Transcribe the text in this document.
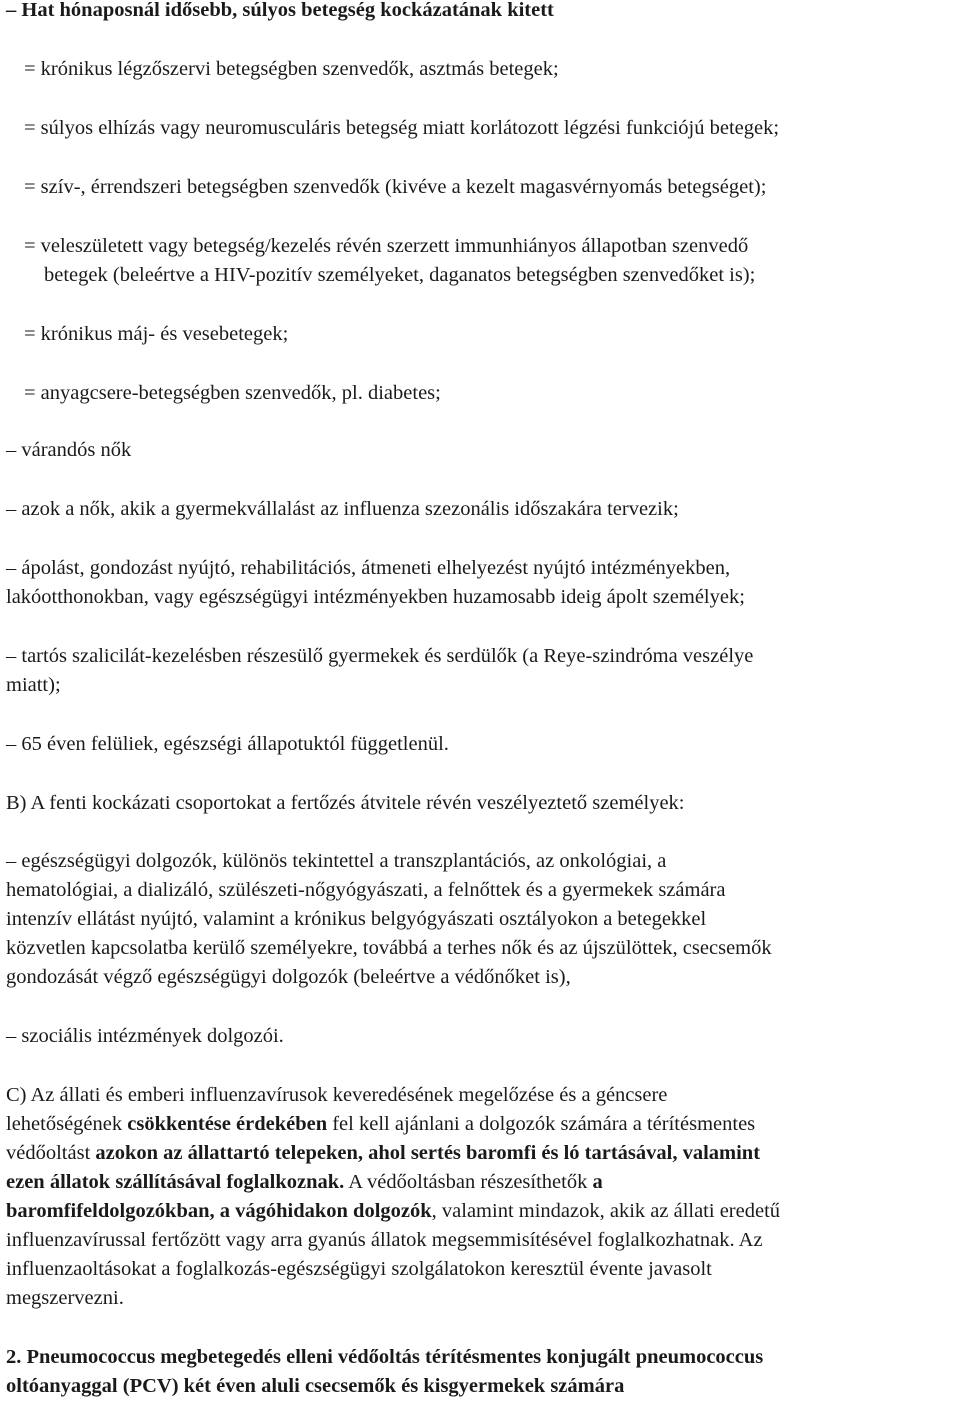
– Hat hónaposnál idősebb, súlyos betegség kockázatának kitett
= krónikus légzőszervi betegségben szenvedők, asztmás betegek;
= súlyos elhízás vagy neuromusculáris betegség miatt korlátozott légzési funkciójú betegek;
= szív-, érrendszeri betegségben szenvedők (kivéve a kezelt magasvérnyomás betegséget);
= veleszületett vagy betegség/kezelés révén szerzett immunhiányos állapotban szenvedő
betegek (beleértve a HIV-pozitív személyeket, daganatos betegségben szenvedőket is);
= krónikus máj- és vesebetegek;
= anyagcsere-betegségben szenvedők, pl. diabetes;
– várandós nők
– azok a nők, akik a gyermekvállalást az influenza szezonális időszakára tervezik;
– ápolást, gondozást nyújtó, rehabilitációs, átmeneti elhelyezést nyújtó intézményekben,
lakóotthonokban, vagy egészségügyi intézményekben huzamosabb ideig ápolt személyek;
– tartós szalicilát-kezelésben részesülő gyermekek és serdülők (a Reye-szindróma veszélye
miatt);
– 65 éven felüliek, egészségi állapotuktól függetlenül.
B) A fenti kockázati csoportokat a fertőzés átvitele révén veszélyeztető személyek:
– egészségügyi dolgozók, különös tekintettel a transzplantációs, az onkológiai, a
hematológiai, a dializáló, szülészeti-nőgyógyászati, a felnőttek és a gyermekek számára
intenzív ellátást nyújtó, valamint a krónikus belgyógyászati osztályokon a betegekkel
közvetlen kapcsolatba kerülő személyekre, továbbá a terhes nők és az újszülöttek, csecsemők
gondozását végző egészségügyi dolgozók (beleértve a védőnőket is),
– szociális intézmények dolgozói.
C) Az állati és emberi influenzavírusok keveredésének megelőzése és a géncsere
lehetőségének csökkentése érdekében fel kell ajánlani a dolgozók számára a térítésmentes
védőoltást azokon az állattartó telepeken, ahol sertés baromfi és ló tartásával, valamint
ezen állatok szállításával foglalkoznak. A védőoltásban részesíthetők a
baromfifeldolgozókban, a vágóhidakon dolgozók, valamint mindazok, akik az állati eredetű
influenzavírussal fertőzött vagy arra gyanús állatok megsemmisítésével foglalkozhatnak. Az
influenzaoltásokat a foglalkozás-egészségügyi szolgálatokon keresztül évente javasolt
megszervezni.
2. Pneumococcus megbetegedés elleni védőoltás térítésmentes konjugált pneumococcus
oltóanyaggal (PCV) két éven aluli csecsemők és kisgyermekek számára
